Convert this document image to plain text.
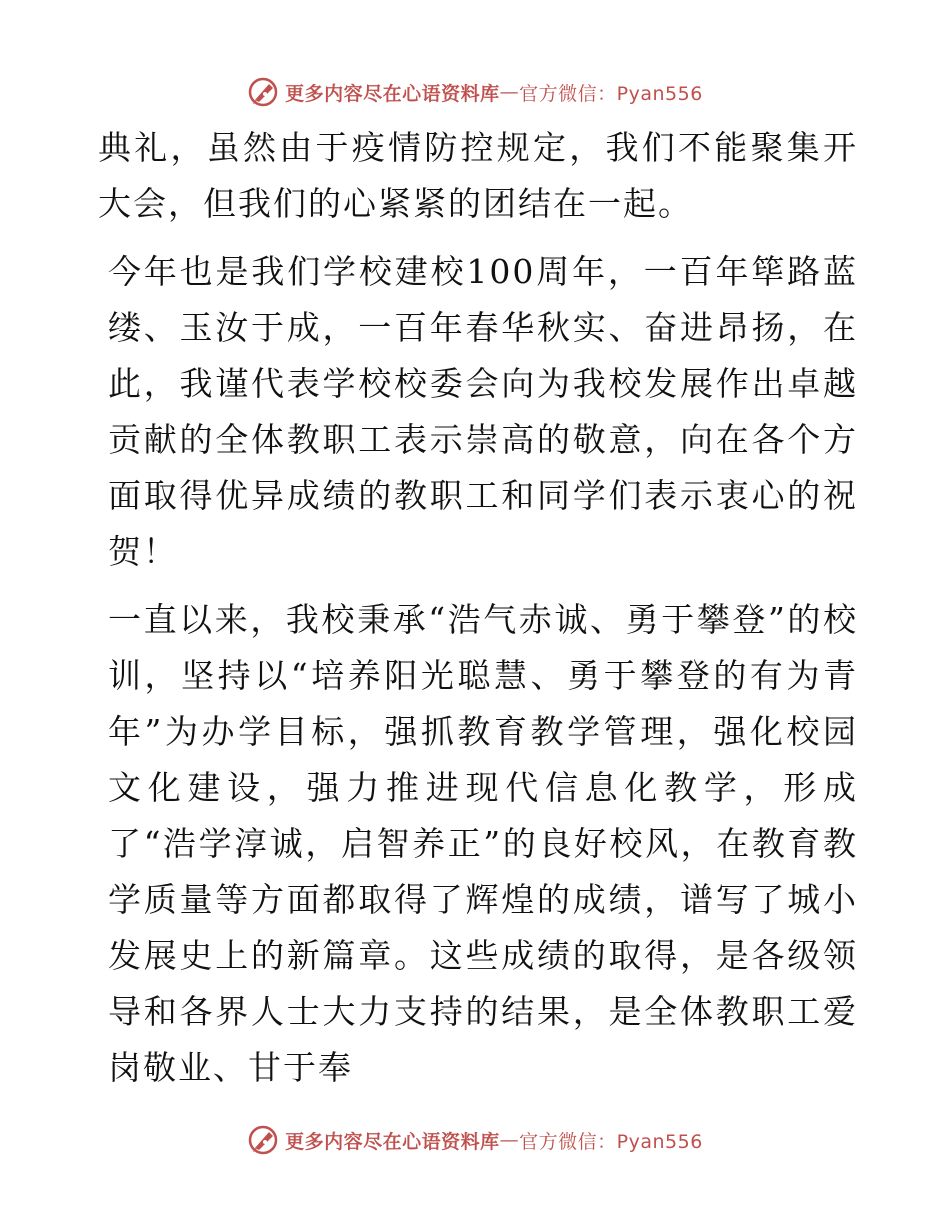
更多内容尽在心语资料库 — 官方微信：Pyan556

典礼，虽然由于疫情防控规定，我们不能聚集开大会，但我们的心紧紧的团结在一起。

今年也是我们学校建校100周年，一百年筚路蓝缕、玉汝于成，一百年春华秋实、奋进昂扬，在此，我谨代表学校校委会向为我校发展作出卓越贡献的全体教职工表示崇高的敬意，向在各个方面取得优异成绩的教职工和同学们表示衷心的祝贺！

一直以来，我校秉承“浩气赤诚、勇于攀登”的校训，坚持以“培养阳光聪慧、勇于攀登的有为青年”为办学目标，强抓教育教学管理，强化校园文化建设，强力推进现代信息化教学，形成了“浩学淳诚，启智养正”的良好校风，在教育教学质量等方面都取得了辉煌的成绩，谱写了城小发展史上的新篇章。这些成绩的取得，是各级领导和各界人士大力支持的结果，是全体教职工爱岗敬业、甘于奉

更多内容尽在心语资料库 — 官方微信：Pyan556
